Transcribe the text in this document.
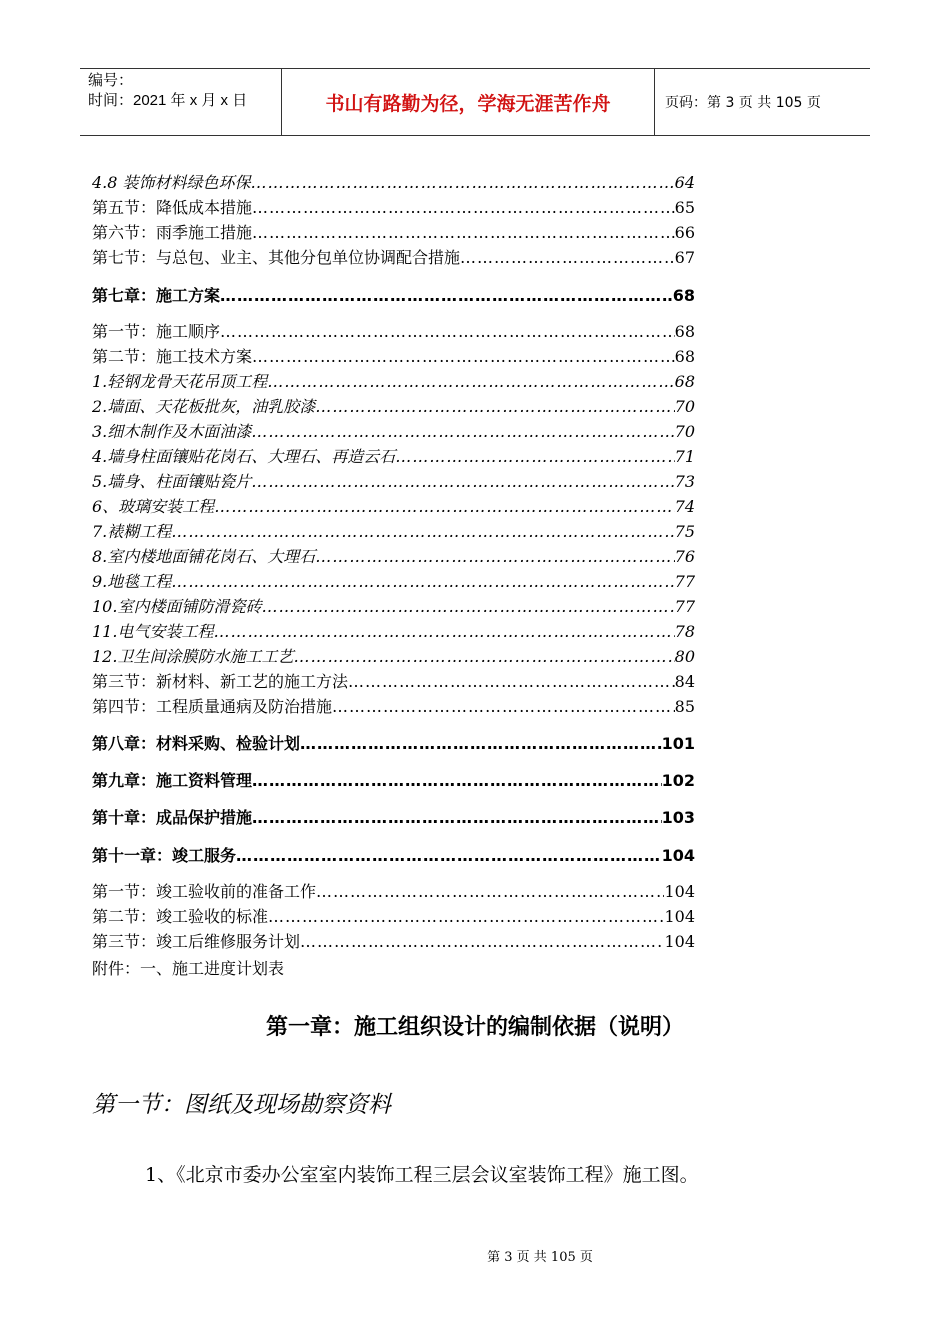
编号：
时间：2021 年 x 月 x 日	书山有路勤为径，学海无涯苦作舟	页码：第 3 页 共 105 页
4.8 装饰材料绿色环保 ……………………………………………………………………………………………………………………	64
第五节：降低成本措施 ……………………………………………………………………………………………………………………	65
第六节：雨季施工措施 ……………………………………………………………………………………………………………………	66
第七节：与总包、业主、其他分包单位协调配合措施 ……………………………………………………………………………………………………………………	67
第七章：施工方案 ……………………………………………………………………………………………………………………	68
第一节：施工顺序 ……………………………………………………………………………………………………………………	68
第二节：施工技术方案 ……………………………………………………………………………………………………………………	68
1.轻钢龙骨天花吊顶工程 ……………………………………………………………………………………………………………………	68
2.墙面、天花板批灰，油乳胶漆 ……………………………………………………………………………………………………………………	70
3.细木制作及木面油漆 ……………………………………………………………………………………………………………………	70
4.墙身柱面镶贴花岗石、大理石、再造云石 ……………………………………………………………………………………………………………………	71
5.墙身、柱面镶贴瓷片 ……………………………………………………………………………………………………………………	73
6、玻璃安装工程 ……………………………………………………………………………………………………………………	74
7.裱糊工程 ……………………………………………………………………………………………………………………	75
8.室内楼地面铺花岗石、大理石 ……………………………………………………………………………………………………………………	76
9.地毯工程 ……………………………………………………………………………………………………………………	77
10.室内楼面铺防滑瓷砖 ……………………………………………………………………………………………………………………	77
11.电气安装工程 ……………………………………………………………………………………………………………………	78
12.卫生间涂膜防水施工工艺 ……………………………………………………………………………………………………………………	80
第三节：新材料、新工艺的施工方法 ……………………………………………………………………………………………………………………	84
第四节：工程质量通病及防治措施 ……………………………………………………………………………………………………………………	85
第八章：材料采购、检验计划 ……………………………………………………………………………………………………………………	101
第九章：施工资料管理 ……………………………………………………………………………………………………………………	102
第十章：成品保护措施 ……………………………………………………………………………………………………………………	103
第十一章：竣工服务 ……………………………………………………………………………………………………………………	104
第一节：竣工验收前的准备工作 ……………………………………………………………………………………………………………………	104
第二节：竣工验收的标准 ……………………………………………………………………………………………………………………	104
第三节：竣工后维修服务计划 ……………………………………………………………………………………………………………………	104
附件：一、施工进度计划表
第一章：施工组织设计的编制依据（说明）
第一节：图纸及现场勘察资料
1、《北京市委办公室室内装饰工程三层会议室装饰工程》施工图。
第 3 页 共 105 页
